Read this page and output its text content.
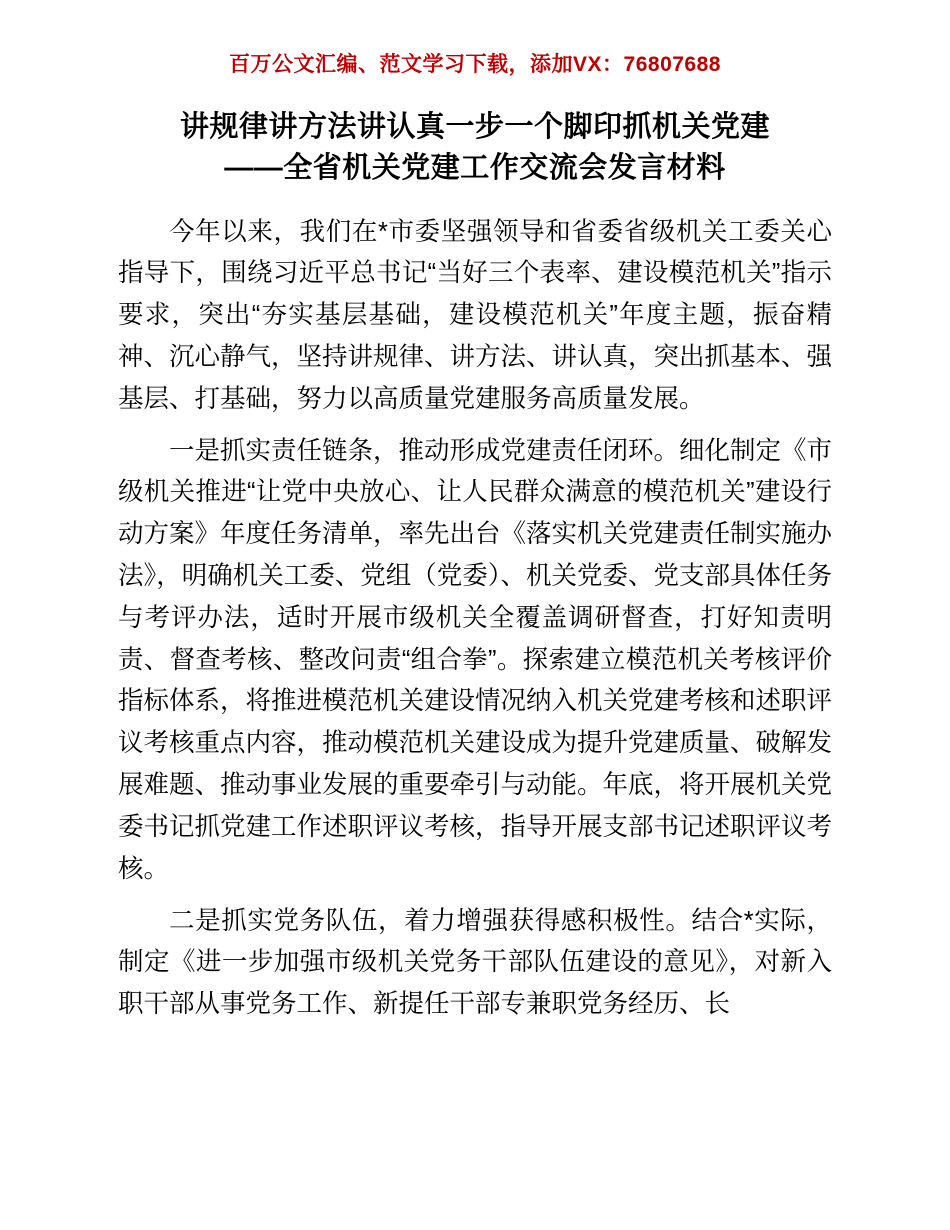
百万公文汇编、范文学习下载，添加VX：76807688
讲规律讲方法讲认真一步一个脚印抓机关党建
——全省机关党建工作交流会发言材料

今年以来，我们在*市委坚强领导和省委省级机关工委关心指导下，围绕习近平总书记“当好三个表率、建设模范机关”指示要求，突出“夯实基层基础，建设模范机关”年度主题，振奋精神、沉心静气，坚持讲规律、讲方法、讲认真，突出抓基本、强基层、打基础，努力以高质量党建服务高质量发展。

一是抓实责任链条，推动形成党建责任闭环。细化制定《市级机关推进“让党中央放心、让人民群众满意的模范机关”建设行动方案》年度任务清单，率先出台《落实机关党建责任制实施办法》，明确机关工委、党组（党委）、机关党委、党支部具体任务与考评办法，适时开展市级机关全覆盖调研督查，打好知责明责、督查考核、整改问责“组合拳”。探索建立模范机关考核评价指标体系，将推进模范机关建设情况纳入机关党建考核和述职评议考核重点内容，推动模范机关建设成为提升党建质量、破解发展难题、推动事业发展的重要牵引与动能。年底，将开展机关党委书记抓党建工作述职评议考核，指导开展支部书记述职评议考核。

二是抓实党务队伍，着力增强获得感积极性。结合*实际，制定《进一步加强市级机关党务干部队伍建设的意见》，对新入职干部从事党务工作、新提任干部专兼职党务经历、长
